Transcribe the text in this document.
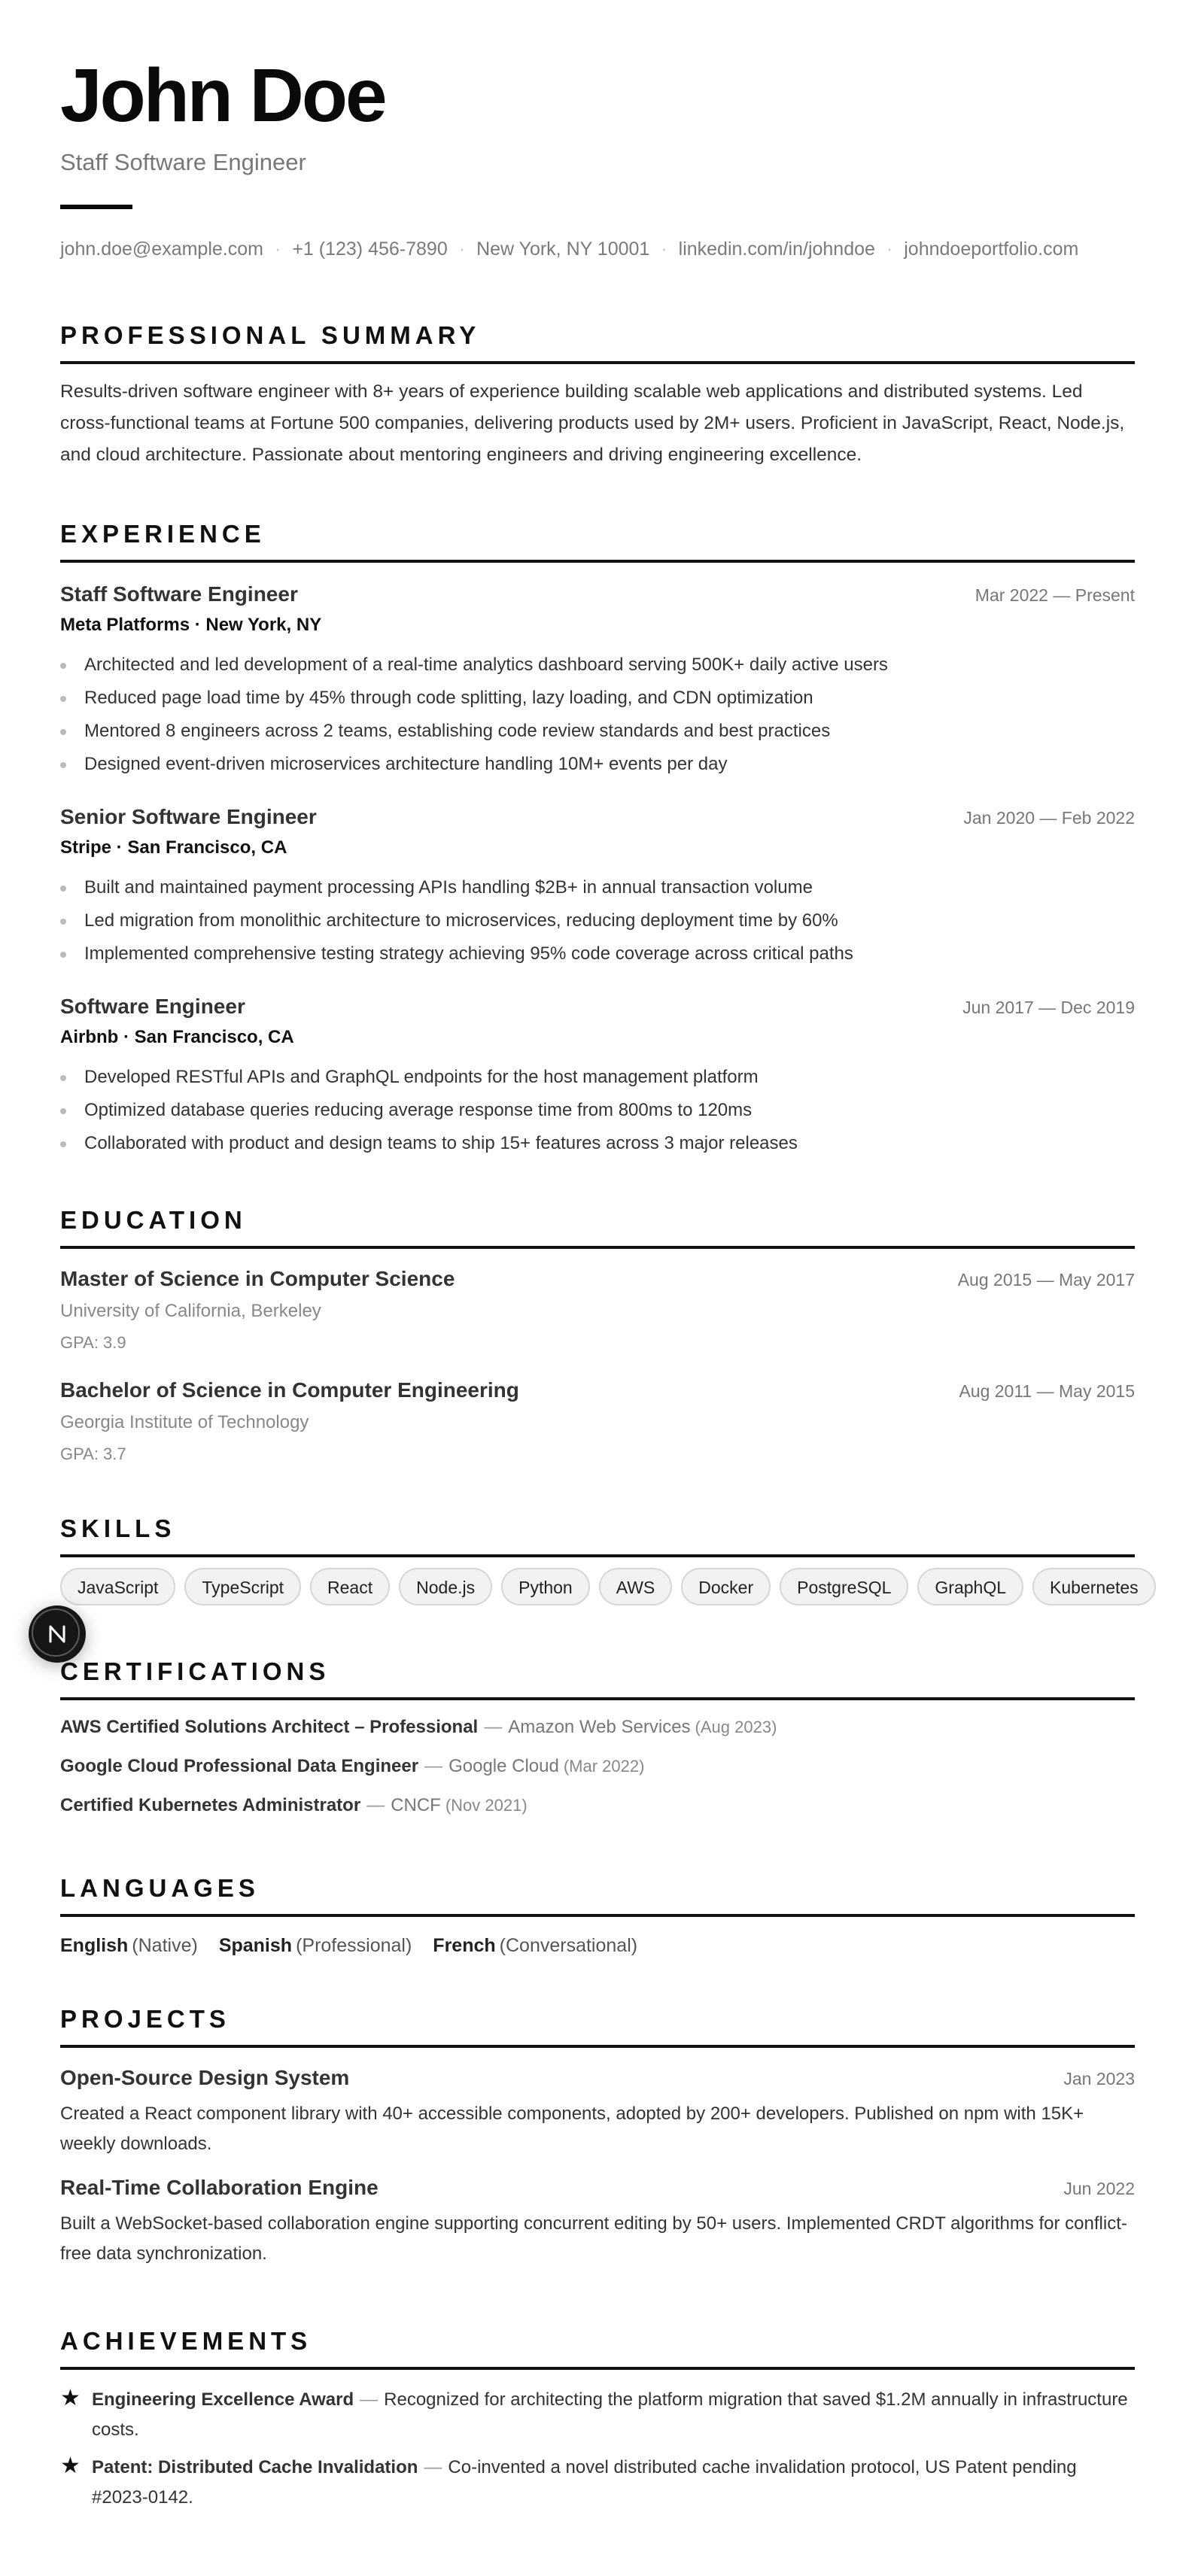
John Doe
Staff Software Engineer
john.doe@example.com · +1 (123) 456-7890 · New York, NY 10001 · linkedin.com/in/johndoe · johndoeportfolio.com
PROFESSIONAL SUMMARY

Results-driven software engineer with 8+ years of experience building scalable web applications and distributed systems. Led cross-functional teams at Fortune 500 companies, delivering products used by 2M+ users. Proficient in JavaScript, React, Node.js, and cloud architecture. Passionate about mentoring engineers and driving engineering excellence.

EXPERIENCE
Staff Software Engineer	Mar 2022 — Present
Meta Platforms · New York, NY
Architected and led development of a real-time analytics dashboard serving 500K+ daily active users
Reduced page load time by 45% through code splitting, lazy loading, and CDN optimization
Mentored 8 engineers across 2 teams, establishing code review standards and best practices
Designed event-driven microservices architecture handling 10M+ events per day
Senior Software Engineer	Jan 2020 — Feb 2022
Stripe · San Francisco, CA
Built and maintained payment processing APIs handling $2B+ in annual transaction volume
Led migration from monolithic architecture to microservices, reducing deployment time by 60%
Implemented comprehensive testing strategy achieving 95% code coverage across critical paths
Software Engineer	Jun 2017 — Dec 2019
Airbnb · San Francisco, CA
Developed RESTful APIs and GraphQL endpoints for the host management platform
Optimized database queries reducing average response time from 800ms to 120ms
Collaborated with product and design teams to ship 15+ features across 3 major releases
EDUCATION
Master of Science in Computer Science	Aug 2015 — May 2017
University of California, Berkeley
GPA: 3.9
Bachelor of Science in Computer Engineering	Aug 2011 — May 2015
Georgia Institute of Technology
GPA: 3.7
SKILLS
JavaScript	TypeScript	React	Node.js	Python	AWS	Docker	PostgreSQL	GraphQL	Kubernetes
CERTIFICATIONS
AWS Certified Solutions Architect – Professional — Amazon Web Services (Aug 2023)
Google Cloud Professional Data Engineer — Google Cloud (Mar 2022)
Certified Kubernetes Administrator — CNCF (Nov 2021)
LANGUAGES
English (Native) Spanish (Professional) French (Conversational)
PROJECTS
Open-Source Design System	Jan 2023
Created a React component library with 40+ accessible components, adopted by 200+ developers. Published on npm with 15K+ weekly downloads.
Real-Time Collaboration Engine	Jun 2022
Built a WebSocket-based collaboration engine supporting concurrent editing by 50+ users. Implemented CRDT algorithms for conflict-free data synchronization.
ACHIEVEMENTS
★ Engineering Excellence Award — Recognized for architecting the platform migration that saved $1.2M annually in infrastructure costs.
★ Patent: Distributed Cache Invalidation — Co-invented a novel distributed cache invalidation protocol, US Patent pending #2023-0142.
